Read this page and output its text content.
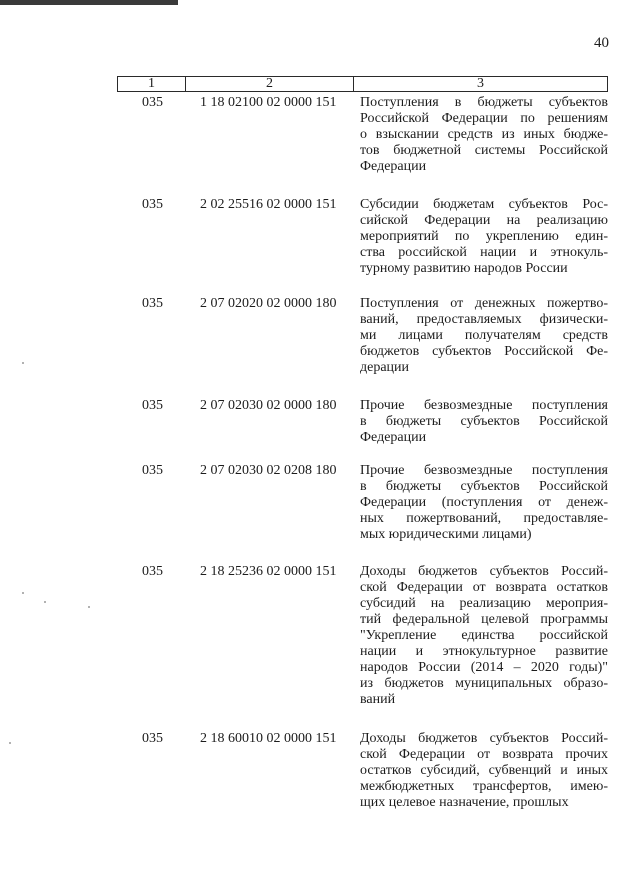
40
1	2	3
035	1 18 02100 02 0000 151	Поступления в бюджеты субъектов
Российской Федерации по решениям
о взыскании средств из иных бюдже-
тов бюджетной системы Российской
Федерации
035	2 02 25516 02 0000 151	Субсидии бюджетам субъектов Рос-
сийской Федерации на реализацию
мероприятий по укреплению един-
ства российской нации и этнокуль-
турному развитию народов России
035	2 07 02020 02 0000 180	Поступления от денежных пожертво-
ваний, предоставляемых физически-
ми лицами получателям средств
бюджетов субъектов Российской Фе-
дерации
035	2 07 02030 02 0000 180	Прочие безвозмездные поступления
в бюджеты субъектов Российской
Федерации
035	2 07 02030 02 0208 180	Прочие безвозмездные поступления
в бюджеты субъектов Российской
Федерации (поступления от денеж-
ных пожертвований, предоставляе-
мых юридическими лицами)
035	2 18 25236 02 0000 151	Доходы бюджетов субъектов Россий-
ской Федерации от возврата остатков
субсидий на реализацию мероприя-
тий федеральной целевой программы
"Укрепление единства российской
нации и этнокультурное развитие
народов России (2014 – 2020 годы)"
из бюджетов муниципальных образо-
ваний
035	2 18 60010 02 0000 151	Доходы бюджетов субъектов Россий-
ской Федерации от возврата прочих
остатков субсидий, субвенций и иных
межбюджетных трансфертов, имею-
щих целевое назначение, прошлых
